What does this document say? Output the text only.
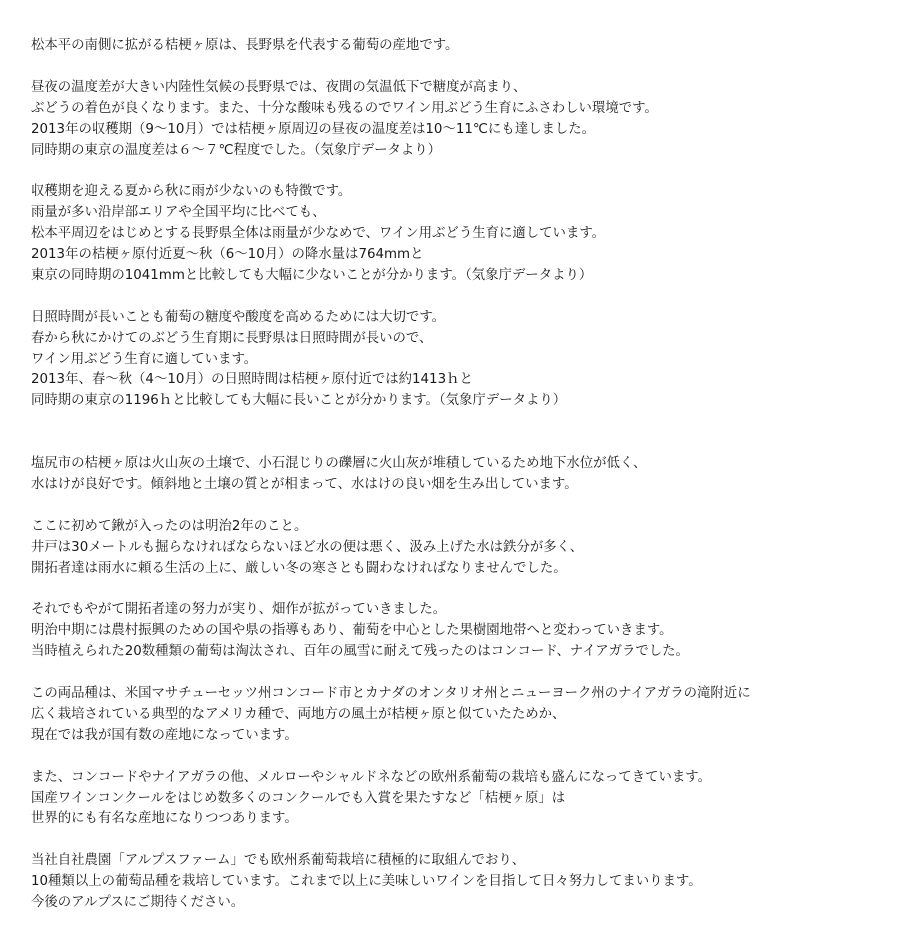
松本平の南側に拡がる桔梗ヶ原は、長野県を代表する葡萄の産地です。
昼夜の温度差が大きい内陸性気候の長野県では、夜間の気温低下で糖度が高まり、
ぶどうの着色が良くなります。また、十分な酸味も残るのでワイン用ぶどう生育にふさわしい環境です。
2013年の収穫期（9～10月）では桔梗ヶ原周辺の昼夜の温度差は10～11℃にも達しました。
同時期の東京の温度差は６～７℃程度でした。（気象庁データより）
収穫期を迎える夏から秋に雨が少ないのも特徴です。
雨量が多い沿岸部エリアや全国平均に比べても、
松本平周辺をはじめとする長野県全体は雨量が少なめで、ワイン用ぶどう生育に適しています。
2013年の桔梗ヶ原付近夏～秋（6～10月）の降水量は764mmと
東京の同時期の1041mmと比較しても大幅に少ないことが分かります。（気象庁データより）
日照時間が長いことも葡萄の糖度や酸度を高めるためには大切です。
春から秋にかけてのぶどう生育期に長野県は日照時間が長いので、
ワイン用ぶどう生育に適しています。
2013年、春～秋（4～10月）の日照時間は桔梗ヶ原付近では約1413ｈと
同時期の東京の1196ｈと比較しても大幅に長いことが分かります。（気象庁データより）
塩尻市の桔梗ヶ原は火山灰の土壌で、小石混じりの礫層に火山灰が堆積しているため地下水位が低く、
水はけが良好です。傾斜地と土壌の質とが相まって、水はけの良い畑を生み出しています。
ここに初めて鍬が入ったのは明治2年のこと。
井戸は30メートルも掘らなければならないほど水の便は悪く、汲み上げた水は鉄分が多く、
開拓者達は雨水に頼る生活の上に、厳しい冬の寒さとも闘わなければなりませんでした。
それでもやがて開拓者達の努力が実り、畑作が拡がっていきました。
明治中期には農村振興のための国や県の指導もあり、葡萄を中心とした果樹園地帯へと変わっていきます。
当時植えられた20数種類の葡萄は淘汰され、百年の風雪に耐えて残ったのはコンコード、ナイアガラでした。
この両品種は、米国マサチューセッツ州コンコード市とカナダのオンタリオ州とニューヨーク州のナイアガラの滝附近に
広く栽培されている典型的なアメリカ種で、両地方の風土が桔梗ヶ原と似ていたためか、
現在では我が国有数の産地になっています。
また、コンコードやナイアガラの他、メルローやシャルドネなどの欧州系葡萄の栽培も盛んになってきています。
国産ワインコンクールをはじめ数多くのコンクールでも入賞を果たすなど「桔梗ヶ原」は
世界的にも有名な産地になりつつあります。
当社自社農園「アルプスファーム」でも欧州系葡萄栽培に積極的に取組んでおり、
10種類以上の葡萄品種を栽培しています。これまで以上に美味しいワインを目指して日々努力してまいります。
今後のアルプスにご期待ください。
